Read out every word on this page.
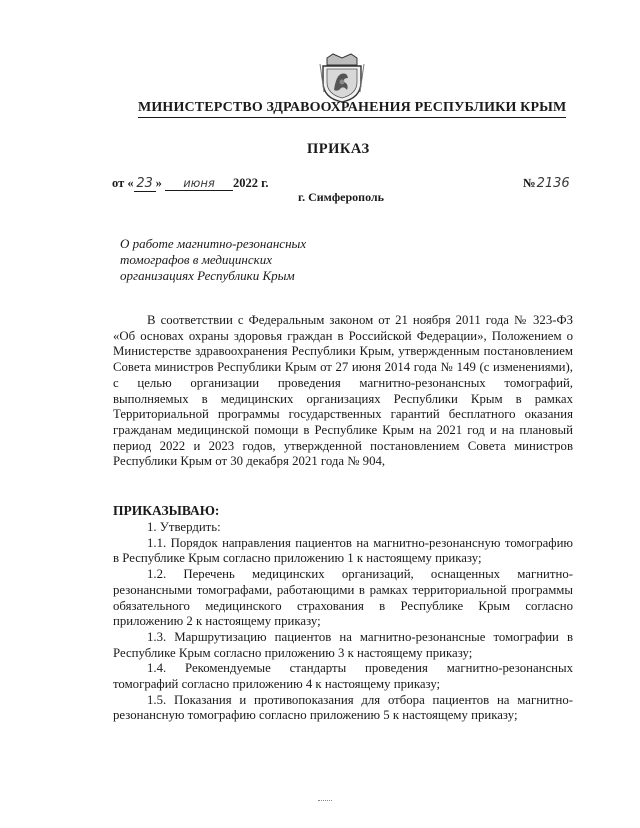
МИНИСТЕРСТВО ЗДРАВООХРАНЕНИЯ РЕСПУБЛИКИ КРЫМ
ПРИКАЗ
от « 23 » июня 2022 г.	№2136
г. Симферополь
О работе магнитно-резонансных томографов в медицинских организациях Республики Крым
В соответствии с Федеральным законом от 21 ноября 2011 года № 323-ФЗ «Об основах охраны здоровья граждан в Российской Федерации», Положением о Министерстве здравоохранения Республики Крым, утвержденным постановлением Совета министров Республики Крым от 27 июня 2014 года № 149 (с изменениями), с целью организации проведения магнитно-резонансных томографий, выполняемых в медицинских организациях Республики Крым в рамках Территориальной программы государственных гарантий бесплатного оказания гражданам медицинской помощи в Республике Крым на 2021 год и на плановый период 2022 и 2023 годов, утвержденной постановлением Совета министров Республики Крым от 30 декабря 2021 года № 904,
ПРИКАЗЫВАЮ:

1. Утвердить:

1.1. Порядок направления пациентов на магнитно-резонансную томографию в Республике Крым согласно приложению 1 к настоящему приказу;

1.2. Перечень медицинских организаций, оснащенных магнитно-резонансными томографами, работающими в рамках территориальной программы обязательного медицинского страхования в Республике Крым согласно приложению 2 к настоящему приказу;

1.3. Маршрутизацию пациентов на магнитно-резонансные томографии в Республике Крым согласно приложению 3 к настоящему приказу;

1.4. Рекомендуемые стандарты проведения магнитно-резонансных томографий согласно приложению 4 к настоящему приказу;

1.5. Показания и противопоказания для отбора пациентов на магнитно-резонансную томографию согласно приложению 5 к настоящему приказу;
